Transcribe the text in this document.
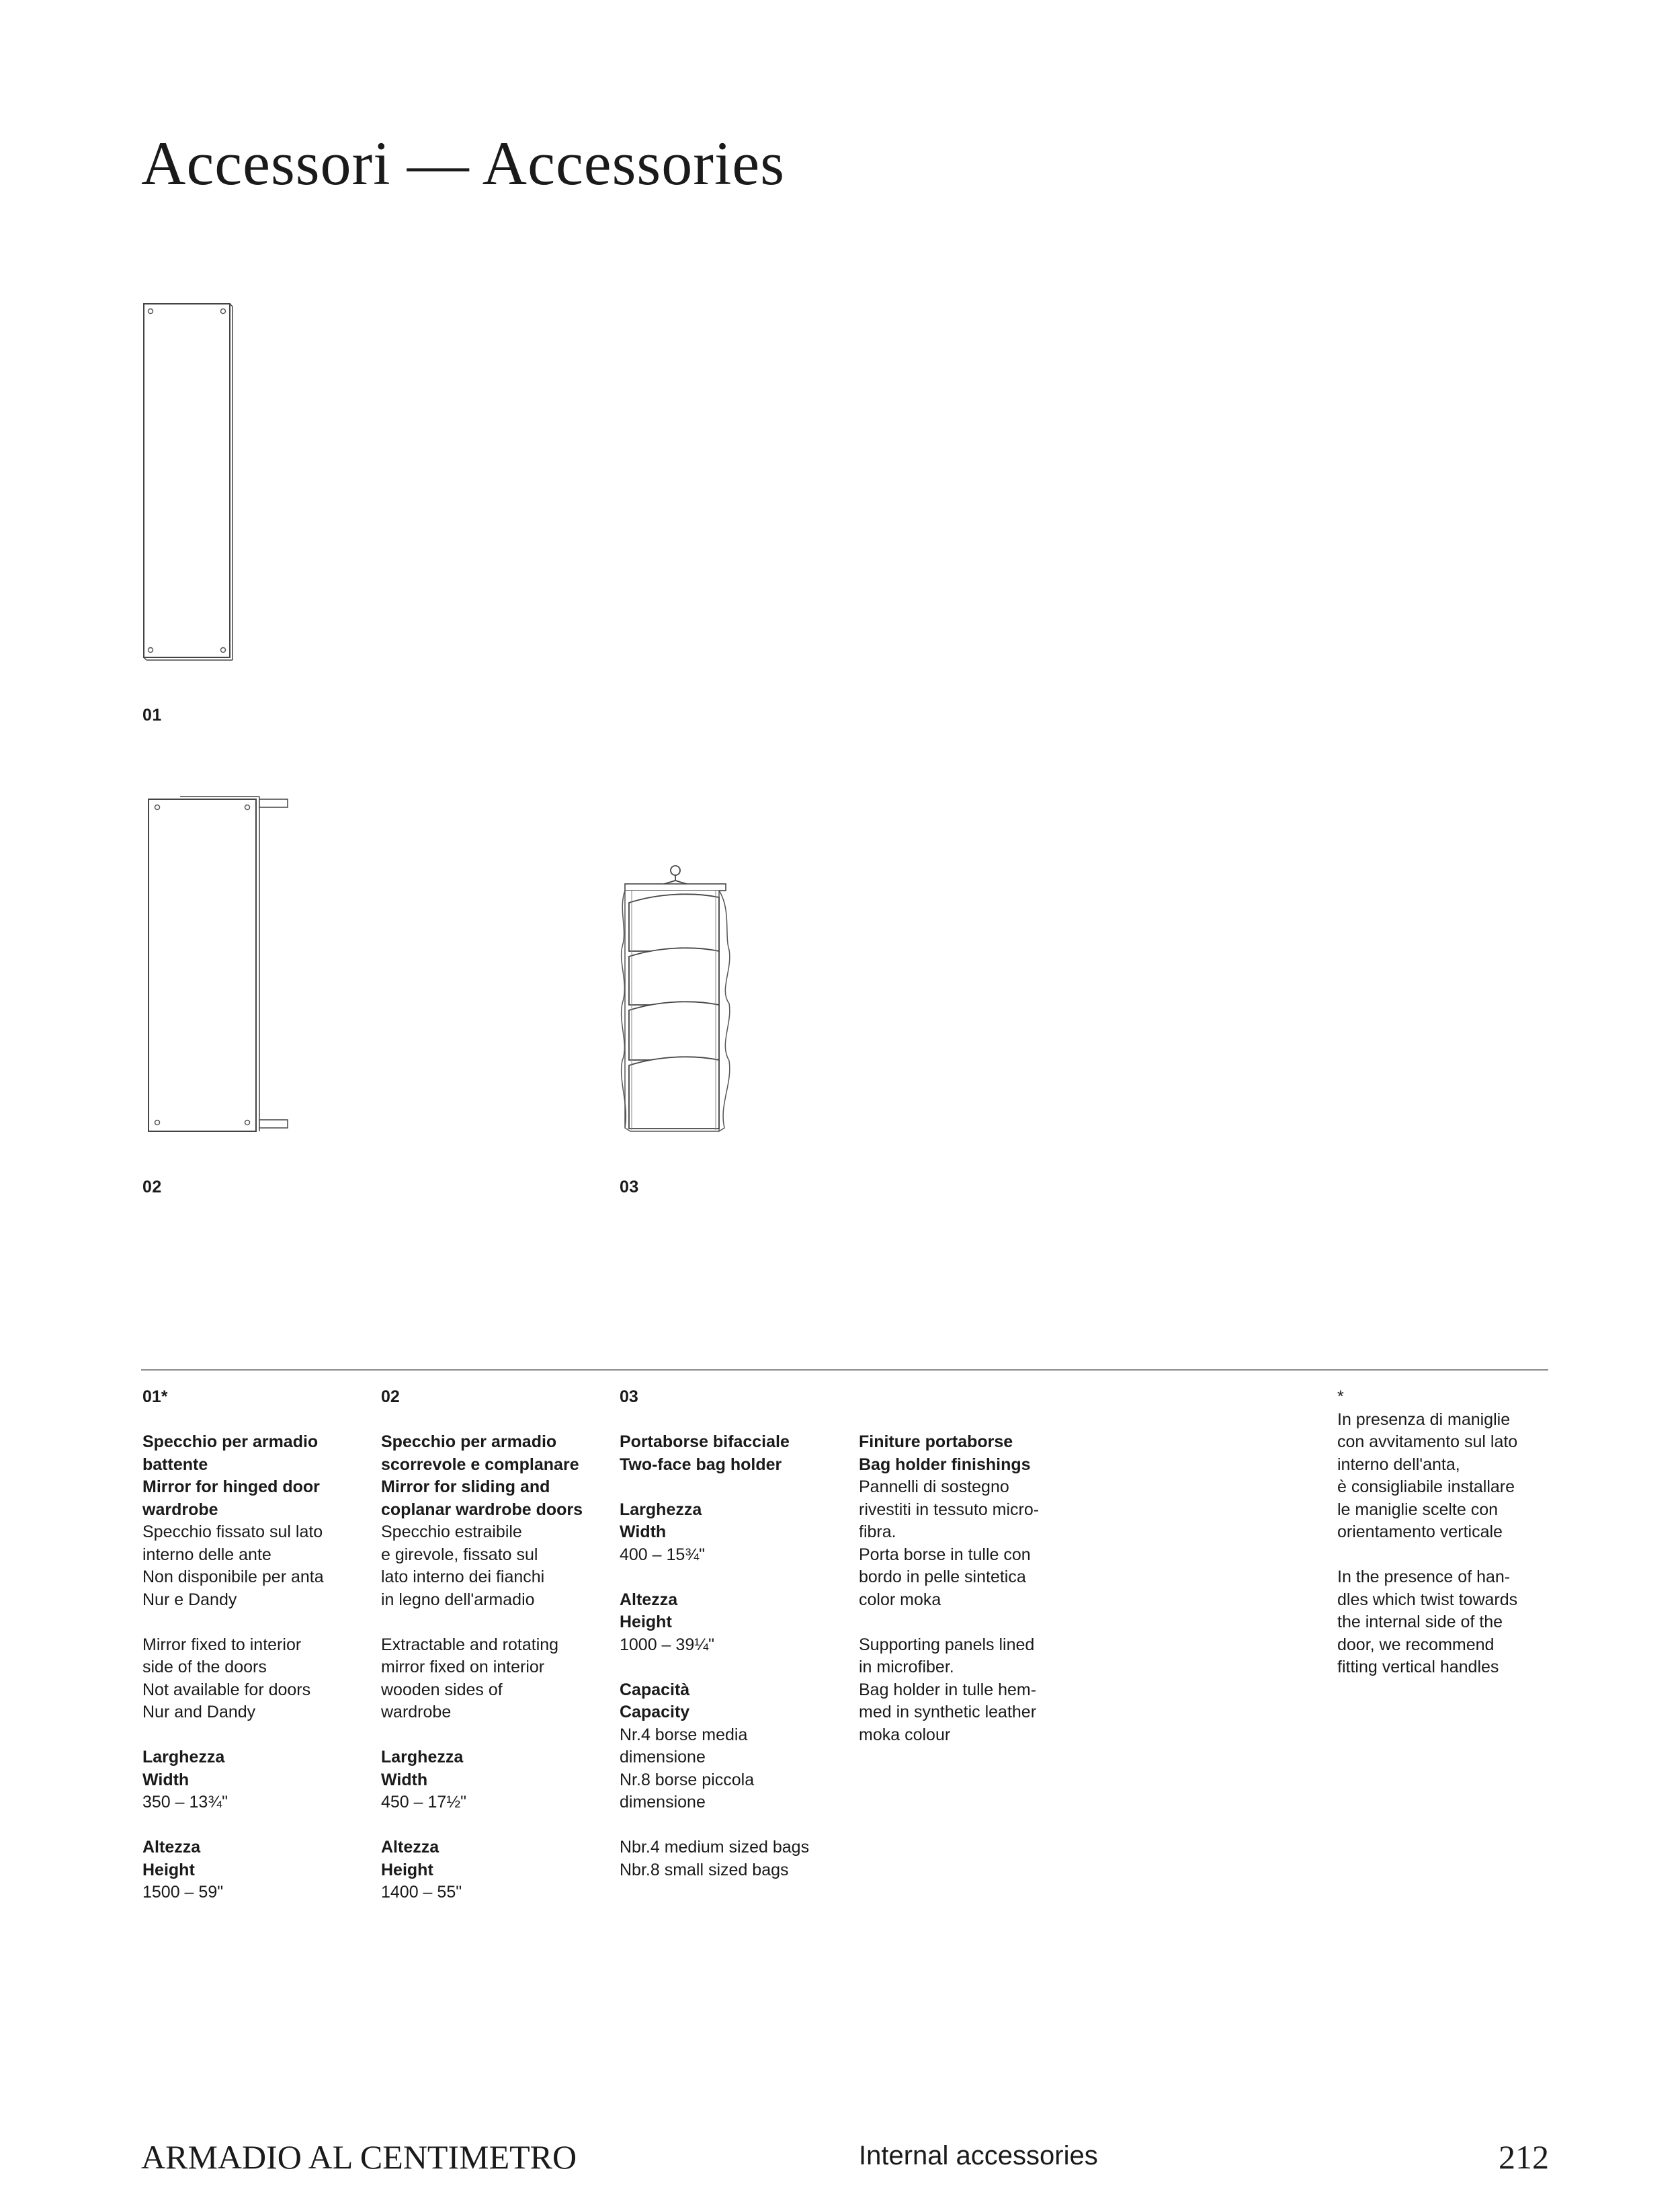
Accessori — Accessories
01
02	03
01*
Specchio per armadio
battente
Mirror for hinged door
wardrobe
Specchio fissato sul lato
interno delle ante
Non disponibile per anta
Nur e Dandy
Mirror fixed to interior
side of the doors
Not available for doors
Nur and Dandy
Larghezza
Width
350 – 13¾"
Altezza
Height
1500 – 59"
02
Specchio per armadio
scorrevole e complanare
Mirror for sliding and
coplanar wardrobe doors
Specchio estraibile
e girevole, fissato sul
lato interno dei fianchi
in legno dell'armadio
Extractable and rotating
mirror fixed on interior
wooden sides of
wardrobe
Larghezza
Width
450 – 17½"
Altezza
Height
1400 – 55"
03
Portaborse bifacciale
Two-face bag holder
Larghezza
Width
400 – 15¾"
Altezza
Height
1000 – 39¼"
Capacità
Capacity
Nr.4 borse media
dimensione
Nr.8 borse piccola
dimensione
Nbr.4 medium sized bags
Nbr.8 small sized bags
Finiture portaborse
Bag holder finishings
Pannelli di sostegno
rivestiti in tessuto micro-
fibra.
Porta borse in tulle con
bordo in pelle sintetica
color moka
Supporting panels lined
in microfiber.
Bag holder in tulle hem-
med in synthetic leather
moka colour
*
In presenza di maniglie
con avvitamento sul lato
interno dell'anta,
è consigliabile installare
le maniglie scelte con
orientamento verticale
In the presence of han-
dles which twist towards
the internal side of the
door, we recommend
fitting vertical handles
ARMADIO AL CENTIMETRO	Internal accessories	212
